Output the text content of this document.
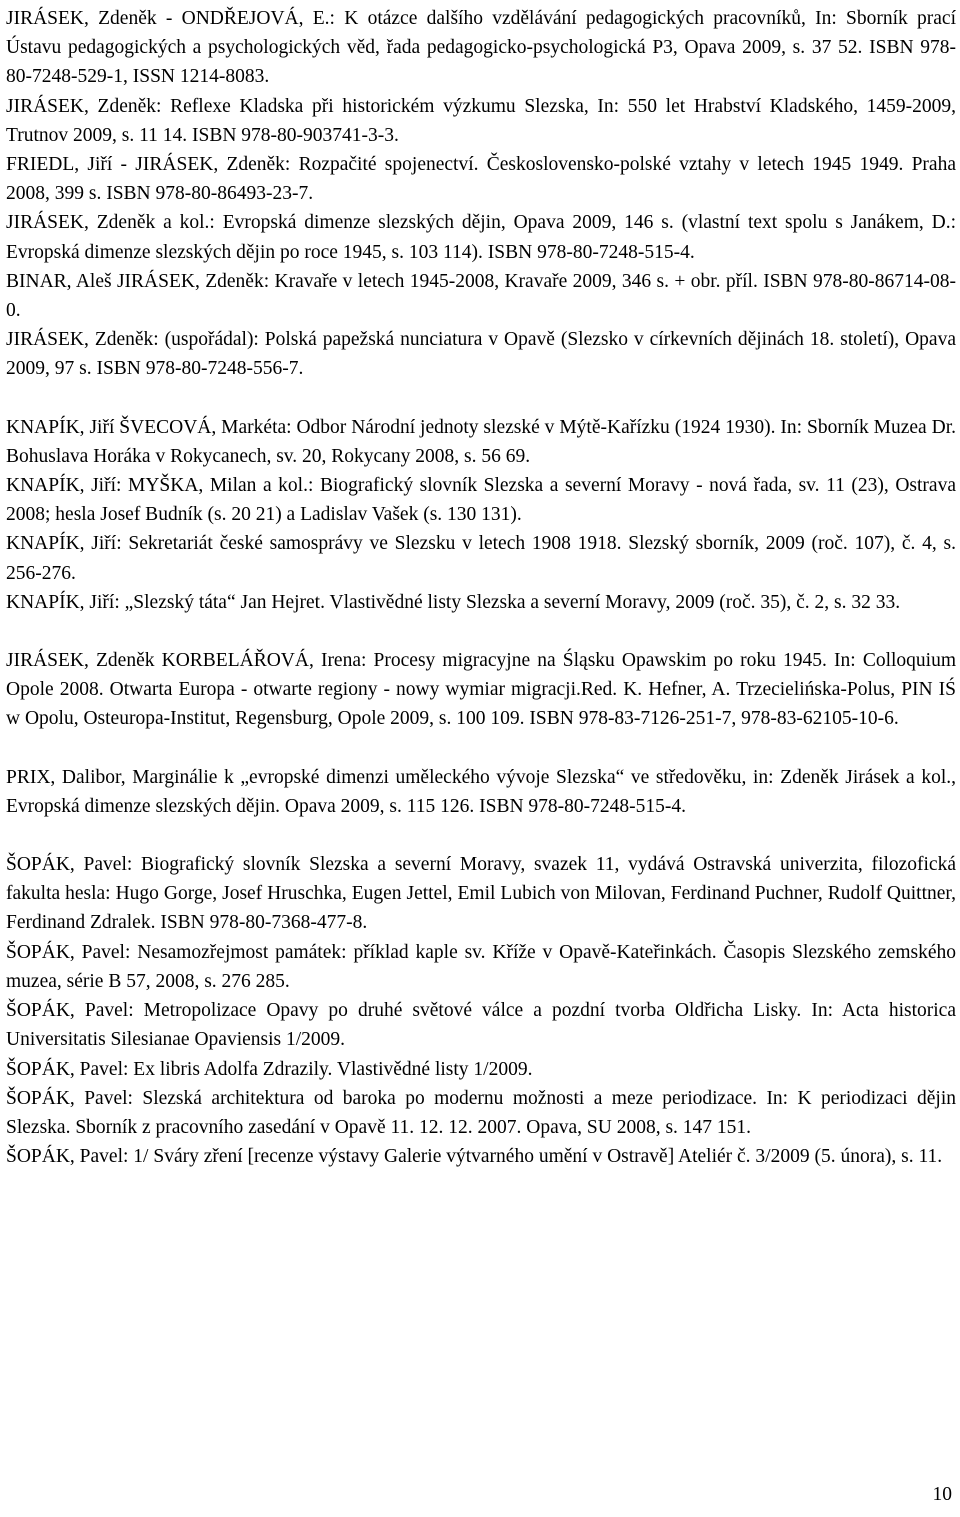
JIRÁSEK, Zdeněk - ONDŘEJOVÁ, E.: K otázce dalšího vzdělávání pedagogických pracovníků, In: Sborník prací Ústavu pedagogických a psychologických věd, řada pedagogicko-psychologická P3, Opava 2009, s. 37 52. ISBN 978-80-7248-529-1, ISSN 1214-8083.

JIRÁSEK, Zdeněk: Reflexe Kladska při historickém výzkumu Slezska, In: 550 let Hrabství Kladského, 1459-2009, Trutnov 2009, s. 11 14. ISBN 978-80-903741-3-3.

FRIEDL, Jiří - JIRÁSEK, Zdeněk: Rozpačité spojenectví. Československo-polské vztahy v letech 1945 1949. Praha 2008, 399 s. ISBN 978-80-86493-23-7.

JIRÁSEK, Zdeněk a kol.: Evropská dimenze slezských dějin, Opava 2009, 146 s. (vlastní text spolu s Janákem, D.: Evropská dimenze slezských dějin po roce 1945, s. 103 114). ISBN 978-80-7248-515-4.

BINAR, Aleš JIRÁSEK, Zdeněk: Kravaře v letech 1945-2008, Kravaře 2009, 346 s. + obr. příl. ISBN 978-80-86714-08-0.

JIRÁSEK, Zdeněk: (uspořádal): Polská papežská nunciatura v Opavě (Slezsko v církevních dějinách 18. století), Opava 2009, 97 s. ISBN 978-80-7248-556-7.

KNAPÍK, Jiří ŠVECOVÁ, Markéta: Odbor Národní jednoty slezské v Mýtě-Kařízku (1924 1930). In: Sborník Muzea Dr. Bohuslava Horáka v Rokycanech, sv. 20, Rokycany 2008, s. 56 69.

KNAPÍK, Jiří: MYŠKA, Milan a kol.: Biografický slovník Slezska a severní Moravy - nová řada, sv. 11 (23), Ostrava 2008; hesla Josef Budník (s. 20 21) a Ladislav Vašek (s. 130 131).

KNAPÍK, Jiří: Sekretariát české samosprávy ve Slezsku v letech 1908 1918. Slezský sborník, 2009 (roč. 107), č. 4, s. 256-276.

KNAPÍK, Jiří: „Slezský táta“ Jan Hejret. Vlastivědné listy Slezska a severní Moravy, 2009 (roč. 35), č. 2, s. 32 33.

JIRÁSEK, Zdeněk KORBELÁŘOVÁ, Irena: Procesy migracyjne na Śląsku Opawskim po roku 1945. In: Colloquium Opole 2008. Otwarta Europa - otwarte regiony - nowy wymiar migracji.Red. K. Hefner, A. Trzecielińska-Polus, PIN IŚ w Opolu, Osteuropa-Institut, Regensburg, Opole 2009, s. 100 109. ISBN 978-83-7126-251-7, 978-83-62105-10-6.

PRIX, Dalibor, Marginálie k „evropské dimenzi uměleckého vývoje Slezska“ ve středověku, in: Zdeněk Jirásek a kol., Evropská dimenze slezských dějin. Opava 2009, s. 115 126. ISBN 978-80-7248-515-4.

ŠOPÁK, Pavel: Biografický slovník Slezska a severní Moravy, svazek 11, vydává Ostravská univerzita, filozofická fakulta hesla: Hugo Gorge, Josef Hruschka, Eugen Jettel, Emil Lubich von Milovan, Ferdinand Puchner, Rudolf Quittner, Ferdinand Zdralek. ISBN 978-80-7368-477-8.

ŠOPÁK, Pavel: Nesamozřejmost památek: příklad kaple sv. Kříže v Opavě-Kateřinkách. Časopis Slezského zemského muzea, série B 57, 2008, s. 276 285.

ŠOPÁK, Pavel: Metropolizace Opavy po druhé světové válce a pozdní tvorba Oldřicha Lisky. In: Acta historica Universitatis Silesianae Opaviensis 1/2009.

ŠOPÁK, Pavel: Ex libris Adolfa Zdrazily. Vlastivědné listy 1/2009.

ŠOPÁK, Pavel: Slezská architektura od baroka po modernu možnosti a meze periodizace. In: K periodizaci dějin Slezska. Sborník z pracovního zasedání v Opavě 11. 12. 12. 2007. Opava, SU 2008, s. 147 151.

ŠOPÁK, Pavel: 1/ Sváry zření [recenze výstavy Galerie výtvarného umění v Ostravě] Ateliér č. 3/2009 (5. února), s. 11.

10
